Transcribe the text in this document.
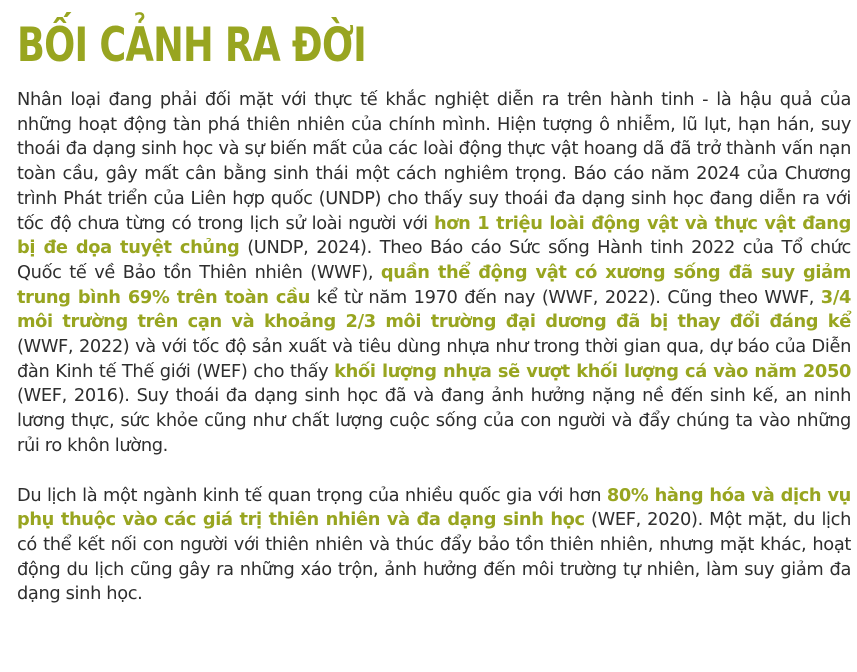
BỐI CẢNH RA ĐỜI

Nhân loại đang phải đối mặt với thực tế khắc nghiệt diễn ra trên hành tinh - là hậu quả của những hoạt động tàn phá thiên nhiên của chính mình. Hiện tượng ô nhiễm, lũ lụt, hạn hán, suy thoái đa dạng sinh học và sự biến mất của các loài động thực vật hoang dã đã trở thành vấn nạn toàn cầu, gây mất cân bằng sinh thái một cách nghiêm trọng. Báo cáo năm 2024 của Chương trình Phát triển của Liên hợp quốc (UNDP) cho thấy suy thoái đa dạng sinh học đang diễn ra với tốc độ chưa từng có trong lịch sử loài người với hơn 1 triệu loài động vật và thực vật đang bị đe dọa tuyệt chủng (UNDP, 2024). Theo Báo cáo Sức sống Hành tinh 2022 của Tổ chức Quốc tế về Bảo tồn Thiên nhiên (WWF), quần thể động vật có xương sống đã suy giảm trung bình 69% trên toàn cầu kể từ năm 1970 đến nay (WWF, 2022). Cũng theo WWF, 3/4 môi trường trên cạn và khoảng 2/3 môi trường đại dương đã bị thay đổi đáng kể (WWF, 2022) và với tốc độ sản xuất và tiêu dùng nhựa như trong thời gian qua, dự báo của Diễn đàn Kinh tế Thế giới (WEF) cho thấy khối lượng nhựa sẽ vượt khối lượng cá vào năm 2050 (WEF, 2016). Suy thoái đa dạng sinh học đã và đang ảnh hưởng nặng nề đến sinh kế, an ninh lương thực, sức khỏe cũng như chất lượng cuộc sống của con người và đẩy chúng ta vào những rủi ro khôn lường.

Du lịch là một ngành kinh tế quan trọng của nhiều quốc gia với hơn 80% hàng hóa và dịch vụ phụ thuộc vào các giá trị thiên nhiên và đa dạng sinh học (WEF, 2020). Một mặt, du lịch có thể kết nối con người với thiên nhiên và thúc đẩy bảo tồn thiên nhiên, nhưng mặt khác, hoạt động du lịch cũng gây ra những xáo trộn, ảnh hưởng đến môi trường tự nhiên, làm suy giảm đa dạng sinh học.
